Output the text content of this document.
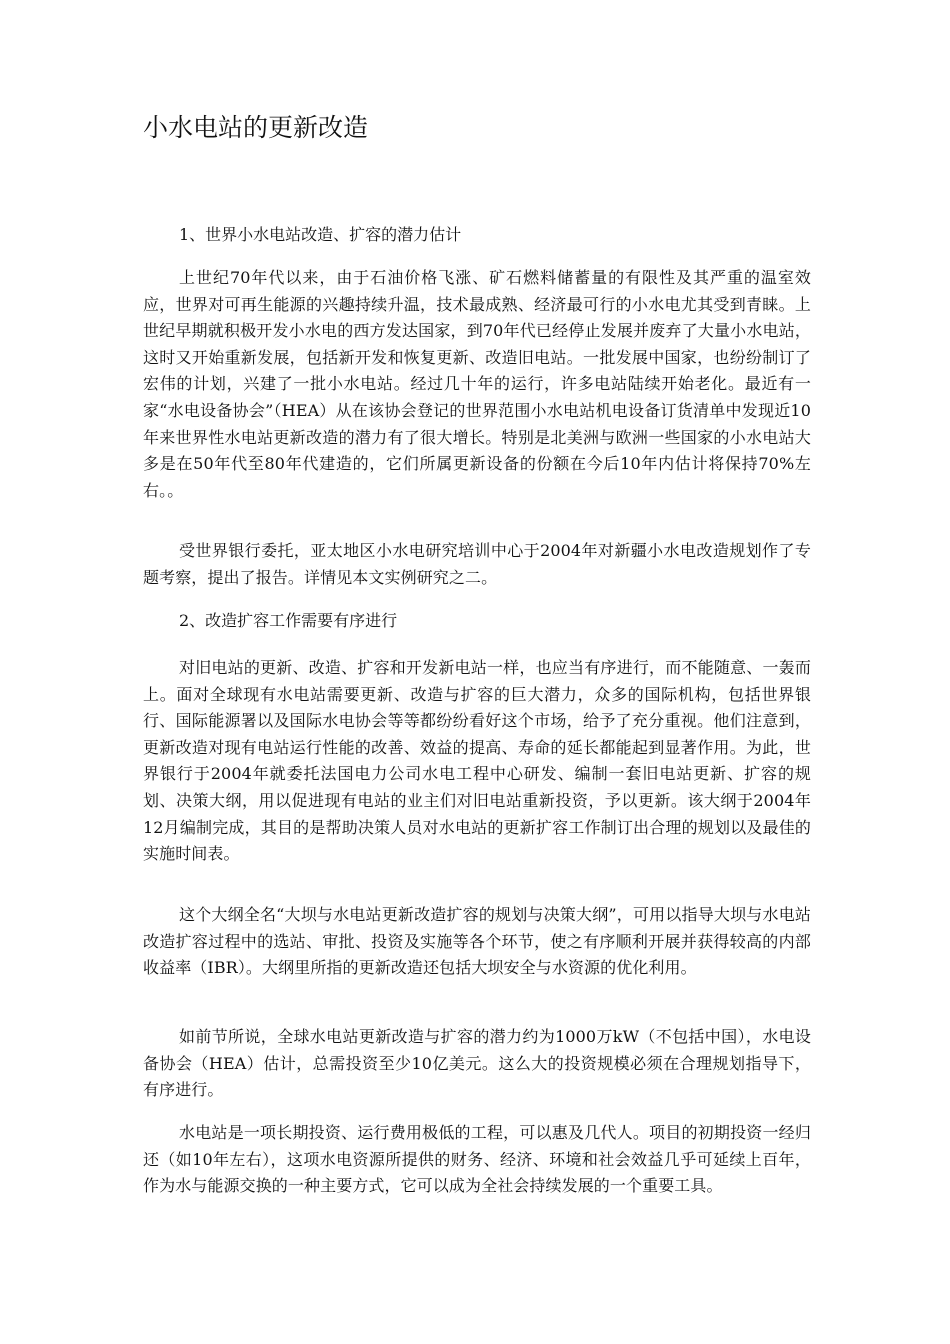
小水电站的更新改造

1、世界小水电站改造、扩容的潜力估计

上世纪70年代以来，由于石油价格飞涨、矿石燃料储蓄量的有限性及其严重的温室效应，世界对可再生能源的兴趣持续升温，技术最成熟、经济最可行的小水电尤其受到青睐。上世纪早期就积极开发小水电的西方发达国家，到70年代已经停止发展并废弃了大量小水电站，这时又开始重新发展，包括新开发和恢复更新、改造旧电站。一批发展中国家，也纷纷制订了宏伟的计划，兴建了一批小水电站。经过几十年的运行，许多电站陆续开始老化。最近有一家“水电设备协会”（HEA）从在该协会登记的世界范围小水电站机电设备订货清单中发现近10年来世界性水电站更新改造的潜力有了很大增长。特别是北美洲与欧洲一些国家的小水电站大多是在50年代至80年代建造的，它们所属更新设备的份额在今后10年内估计将保持70%左右。。

受世界银行委托，亚太地区小水电研究培训中心于2004年对新疆小水电改造规划作了专题考察，提出了报告。详情见本文实例研究之二。

2、改造扩容工作需要有序进行

对旧电站的更新、改造、扩容和开发新电站一样，也应当有序进行，而不能随意、一轰而上。面对全球现有水电站需要更新、改造与扩容的巨大潜力，众多的国际机构，包括世界银行、国际能源署以及国际水电协会等等都纷纷看好这个市场，给予了充分重视。他们注意到，更新改造对现有电站运行性能的改善、效益的提高、寿命的延长都能起到显著作用。为此，世界银行于2004年就委托法国电力公司水电工程中心研发、编制一套旧电站更新、扩容的规划、决策大纲，用以促进现有电站的业主们对旧电站重新投资，予以更新。该大纲于2004年12月编制完成，其目的是帮助决策人员对水电站的更新扩容工作制订出合理的规划以及最佳的实施时间表。

这个大纲全名“大坝与水电站更新改造扩容的规划与决策大纲”，可用以指导大坝与水电站改造扩容过程中的选站、审批、投资及实施等各个环节，使之有序顺利开展并获得较高的内部收益率（IBR）。大纲里所指的更新改造还包括大坝安全与水资源的优化利用。

如前节所说，全球水电站更新改造与扩容的潜力约为1000万kW（不包括中国），水电设备协会（HEA）估计，总需投资至少10亿美元。这么大的投资规模必须在合理规划指导下，有序进行。

水电站是一项长期投资、运行费用极低的工程，可以惠及几代人。项目的初期投资一经归还（如10年左右），这项水电资源所提供的财务、经济、环境和社会效益几乎可延续上百年，作为水与能源交换的一种主要方式，它可以成为全社会持续发展的一个重要工具。
